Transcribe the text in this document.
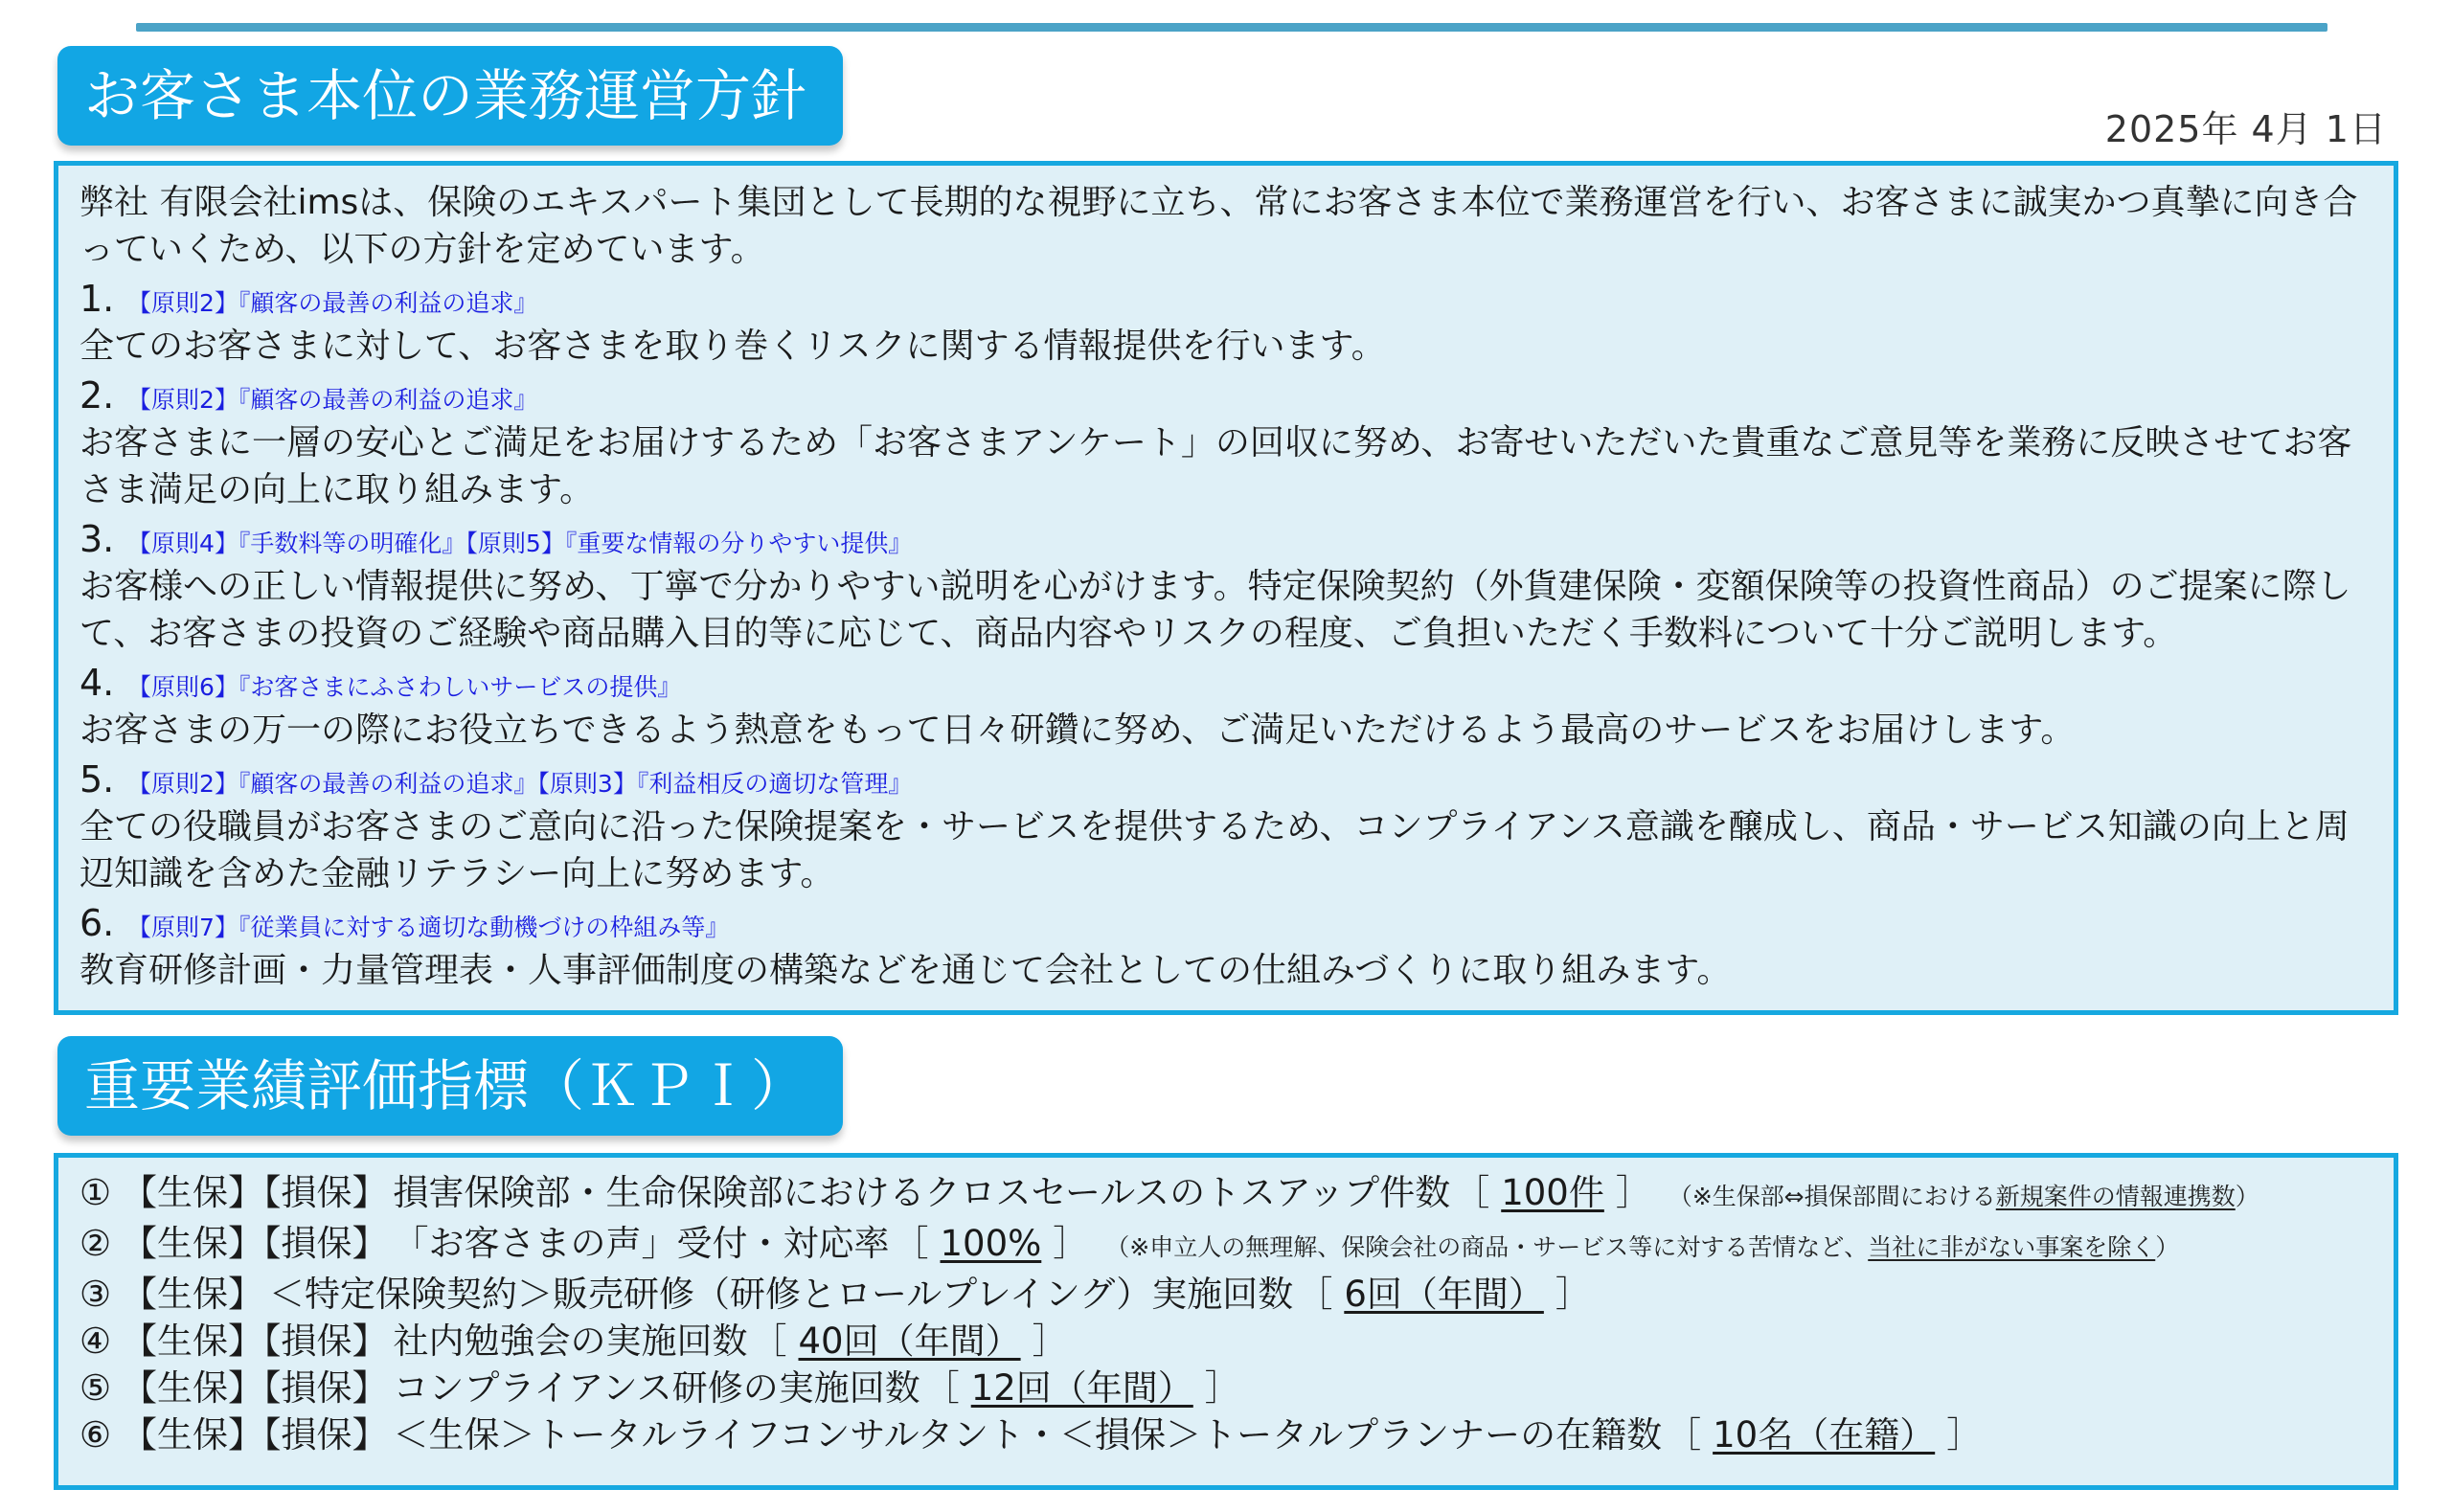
お客さま本位の業務運営方針
2025年 4月 1日

弊社 有限会社imsは、保険のエキスパート集団として長期的な視野に立ち、常にお客さま本位で業務運営を行い、お客さまに誠実かつ真摯に向き合っていくため、以下の方針を定めています。

1. 【原則2】『顧客の最善の利益の追求』

全てのお客さまに対して、お客さまを取り巻くリスクに関する情報提供を行います。

2. 【原則2】『顧客の最善の利益の追求』

お客さまに一層の安心とご満足をお届けするため「お客さまアンケート」の回収に努め、お寄せいただいた貴重なご意見等を業務に反映させてお客さま満足の向上に取り組みます。

3. 【原則4】『手数料等の明確化』【原則5】『重要な情報の分りやすい提供』

お客様への正しい情報提供に努め、丁寧で分かりやすい説明を心がけます。特定保険契約（外貨建保険・変額保険等の投資性商品）のご提案に際して、お客さまの投資のご経験や商品購入目的等に応じて、商品内容やリスクの程度、ご負担いただく手数料について十分ご説明します。

4. 【原則6】『お客さまにふさわしいサービスの提供』

お客さまの万一の際にお役立ちできるよう熱意をもって日々研鑽に努め、ご満足いただけるよう最高のサービスをお届けします。

5. 【原則2】『顧客の最善の利益の追求』【原則3】『利益相反の適切な管理』

全ての役職員がお客さまのご意向に沿った保険提案を・サービスを提供するため、コンプライアンス意識を醸成し、商品・サービス知識の向上と周辺知識を含めた金融リテラシー向上に努めます。

6. 【原則7】『従業員に対する適切な動機づけの枠組み等』

教育研修計画・力量管理表・人事評価制度の構築などを通じて会社としての仕組みづくりに取り組みます。

重要業績評価指標（ＫＰＩ）
① 【生保】【損保】 損害保険部・生命保険部におけるクロスセールスのトスアップ件数 ［ 100件 ］ （※生保部⇔損保部間における新規案件の情報連携数）
② 【生保】【損保】 「お客さまの声」受付・対応率 ［ 100% ］ （※申立人の無理解、保険会社の商品・サービス等に対する苦情など、当社に非がない事案を除く）
③ 【生保】 ＜特定保険契約＞販売研修（研修とロールプレイング）実施回数 ［ 6回（年間） ］
④ 【生保】【損保】 社内勉強会の実施回数 ［ 40回（年間） ］
⑤ 【生保】【損保】 コンプライアンス研修の実施回数 ［ 12回（年間） ］
⑥ 【生保】【損保】 ＜生保＞トータルライフコンサルタント・＜損保＞トータルプランナーの在籍数 ［ 10名（在籍） ］
